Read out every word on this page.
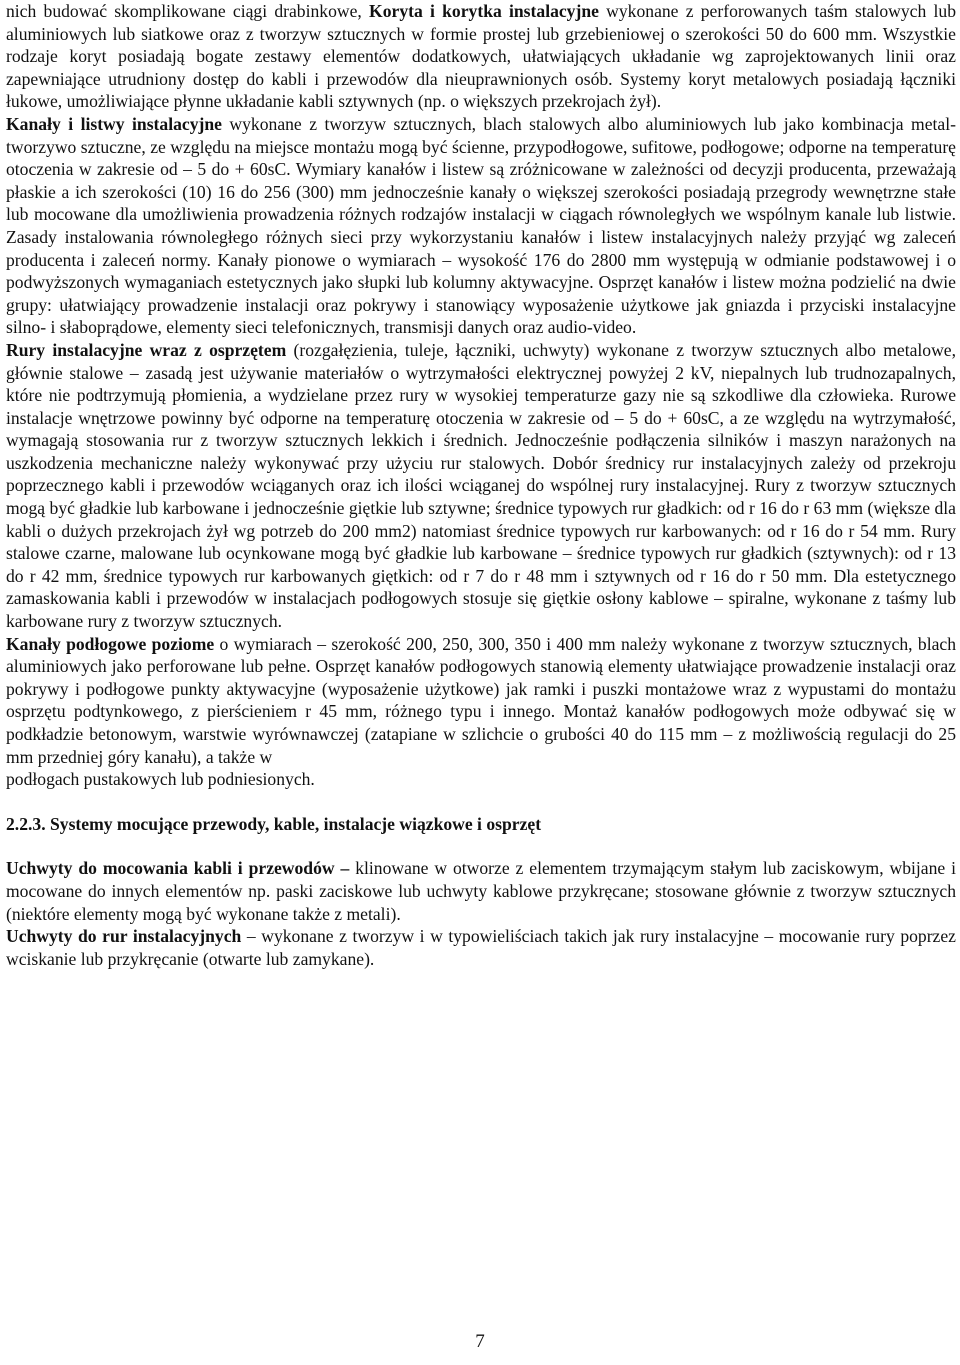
nich budować skomplikowane ciągi drabinkowe, Koryta i korytka instalacyjne wykonane z perforowanych taśm stalowych lub aluminiowych lub siatkowe oraz z tworzyw sztucznych w formie prostej lub grzebieniowej o szerokości 50 do 600 mm. Wszystkie rodzaje koryt posiadają bogate zestawy elementów dodatkowych, ułatwiających układanie wg zaprojektowanych linii oraz zapewniające utrudniony dostęp do kabli i przewodów dla nieuprawnionych osób. Systemy koryt metalowych posiadają łączniki łukowe, umożliwiające płynne układanie kabli sztywnych (np. o większych przekrojach żył).

Kanały i listwy instalacyjne wykonane z tworzyw sztucznych, blach stalowych albo aluminiowych lub jako kombinacja metal-tworzywo sztuczne, ze względu na miejsce montażu mogą być ścienne, przypodłogowe, sufitowe, podłogowe; odporne na temperaturę otoczenia w zakresie od – 5 do + 60sC. Wymiary kanałów i listew są zróżnicowane w zależności od decyzji producenta, przeważają płaskie a ich szerokości (10) 16 do 256 (300) mm jednocześnie kanały o większej szerokości posiadają przegrody wewnętrzne stałe lub mocowane dla umożliwienia prowadzenia różnych rodzajów instalacji w ciągach równoległych we wspólnym kanale lub listwie. Zasady instalowania równoległego różnych sieci przy wykorzystaniu kanałów i listew instalacyjnych należy przyjąć wg zaleceń producenta i zaleceń normy. Kanały pionowe o wymiarach – wysokość 176 do 2800 mm występują w odmianie podstawowej i o podwyższonych wymaganiach estetycznych jako słupki lub kolumny aktywacyjne. Osprzęt kanałów i listew można podzielić na dwie grupy: ułatwiający prowadzenie instalacji oraz pokrywy i stanowiący wyposażenie użytkowe jak gniazda i przyciski instalacyjne silno- i słaboprądowe, elementy sieci telefonicznych, transmisji danych oraz audio-video.

Rury instalacyjne wraz z osprzętem (rozgałęzienia, tuleje, łączniki, uchwyty) wykonane z tworzyw sztucznych albo metalowe, głównie stalowe – zasadą jest używanie materiałów o wytrzymałości elektrycznej powyżej 2 kV, niepalnych lub trudnozapalnych, które nie podtrzymują płomienia, a wydzielane przez rury w wysokiej temperaturze gazy nie są szkodliwe dla człowieka. Rurowe instalacje wnętrzowe powinny być odporne na temperaturę otoczenia w zakresie od – 5 do + 60sC, a ze względu na wytrzymałość, wymagają stosowania rur z tworzyw sztucznych lekkich i średnich. Jednocześnie podłączenia silników i maszyn narażonych na uszkodzenia mechaniczne należy wykonywać przy użyciu rur stalowych. Dobór średnicy rur instalacyjnych zależy od przekroju poprzecznego kabli i przewodów wciąganych oraz ich ilości wciąganej do wspólnej rury instalacyjnej. Rury z tworzyw sztucznych mogą być gładkie lub karbowane i jednocześnie giętkie lub sztywne; średnice typowych rur gładkich: od r 16 do r 63 mm (większe dla kabli o dużych przekrojach żył wg potrzeb do 200 mm2) natomiast średnice typowych rur karbowanych: od r 16 do r 54 mm. Rury stalowe czarne, malowane lub ocynkowane mogą być gładkie lub karbowane – średnice typowych rur gładkich (sztywnych): od r 13 do r 42 mm, średnice typowych rur karbowanych giętkich: od r 7 do r 48 mm i sztywnych od r 16 do r 50 mm. Dla estetycznego zamaskowania kabli i przewodów w instalacjach podłogowych stosuje się giętkie osłony kablowe – spiralne, wykonane z taśmy lub karbowane rury z tworzyw sztucznych.

Kanały podłogowe poziome o wymiarach – szerokość 200, 250, 300, 350 i 400 mm należy wykonane z tworzyw sztucznych, blach aluminiowych jako perforowane lub pełne. Osprzęt kanałów podłogowych stanowią elementy ułatwiające prowadzenie instalacji oraz pokrywy i podłogowe punkty aktywacyjne (wyposażenie użytkowe) jak ramki i puszki montażowe wraz z wypustami do montażu osprzętu podtynkowego, z pierścieniem r 45 mm, różnego typu i innego. Montaż kanałów podłogowych może odbywać się w podkładzie betonowym, warstwie wyrównawczej (zatapiane w szlichcie o grubości 40 do 115 mm – z możliwością regulacji do 25 mm przedniej góry kanału), a także w

podłogach pustakowych lub podniesionych.

2.2.3. Systemy mocujące przewody, kable, instalacje wiązkowe i osprzęt

Uchwyty do mocowania kabli i przewodów – klinowane w otworze z elementem trzymającym stałym lub zaciskowym, wbijane i mocowane do innych elementów np. paski zaciskowe lub uchwyty kablowe przykręcane; stosowane głównie z tworzyw sztucznych (niektóre elementy mogą być wykonane także z metali).

Uchwyty do rur instalacyjnych – wykonane z tworzyw i w typowieliściach takich jak rury instalacyjne – mocowanie rury poprzez wciskanie lub przykręcanie (otwarte lub zamykane).

7
